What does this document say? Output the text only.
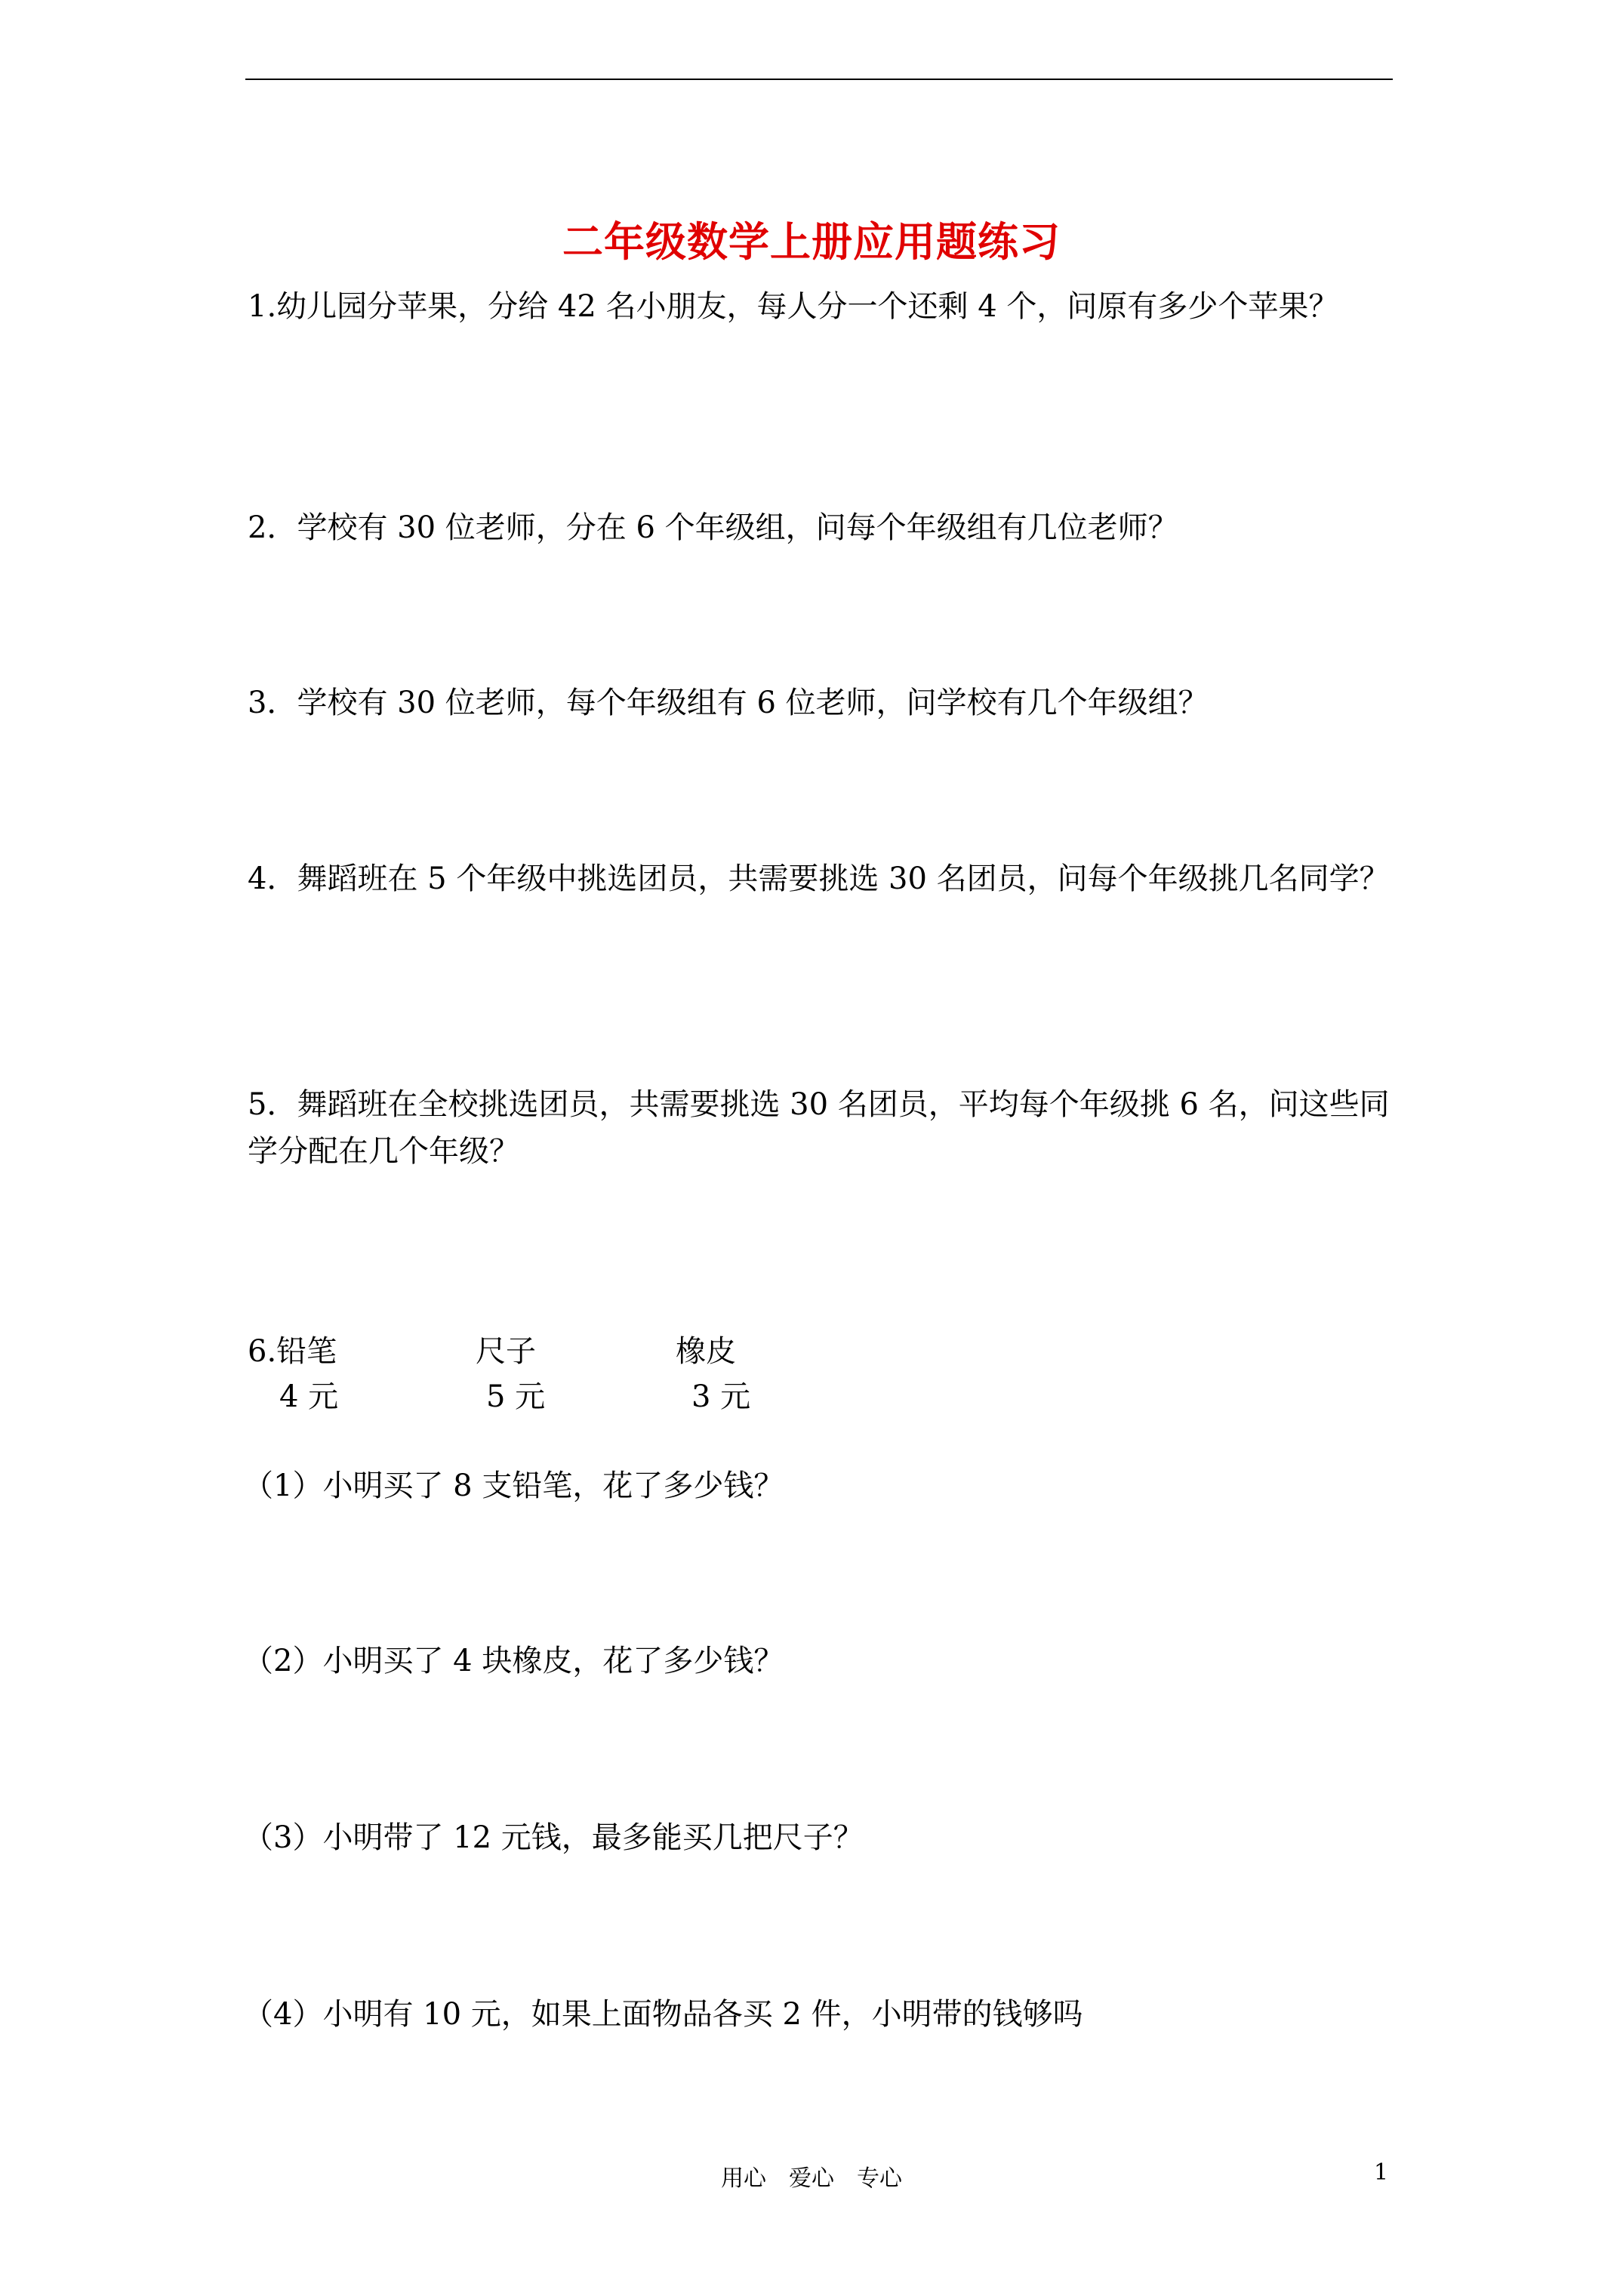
二年级数学上册应用题练习
1.幼儿园分苹果，分给 42 名小朋友，每人分一个还剩 4 个，问原有多少个苹果？
2．学校有 30 位老师，分在 6 个年级组，问每个年级组有几位老师？
3．学校有 30 位老师，每个年级组有 6 位老师，问学校有几个年级组？
4．舞蹈班在 5 个年级中挑选团员，共需要挑选 30 名团员，问每个年级挑几名同学？
5．舞蹈班在全校挑选团员，共需要挑选 30 名团员，平均每个年级挑 6 名，问这些同学分配在几个年级？
6.铅笔	尺子	橡皮
4 元	5 元	3 元
（1）小明买了 8 支铅笔，花了多少钱？
（2）小明买了 4 块橡皮，花了多少钱？
（3）小明带了 12 元钱，最多能买几把尺子？
（4）小明有 10 元，如果上面物品各买 2 件，小明带的钱够吗
用心　爱心　专心	1
